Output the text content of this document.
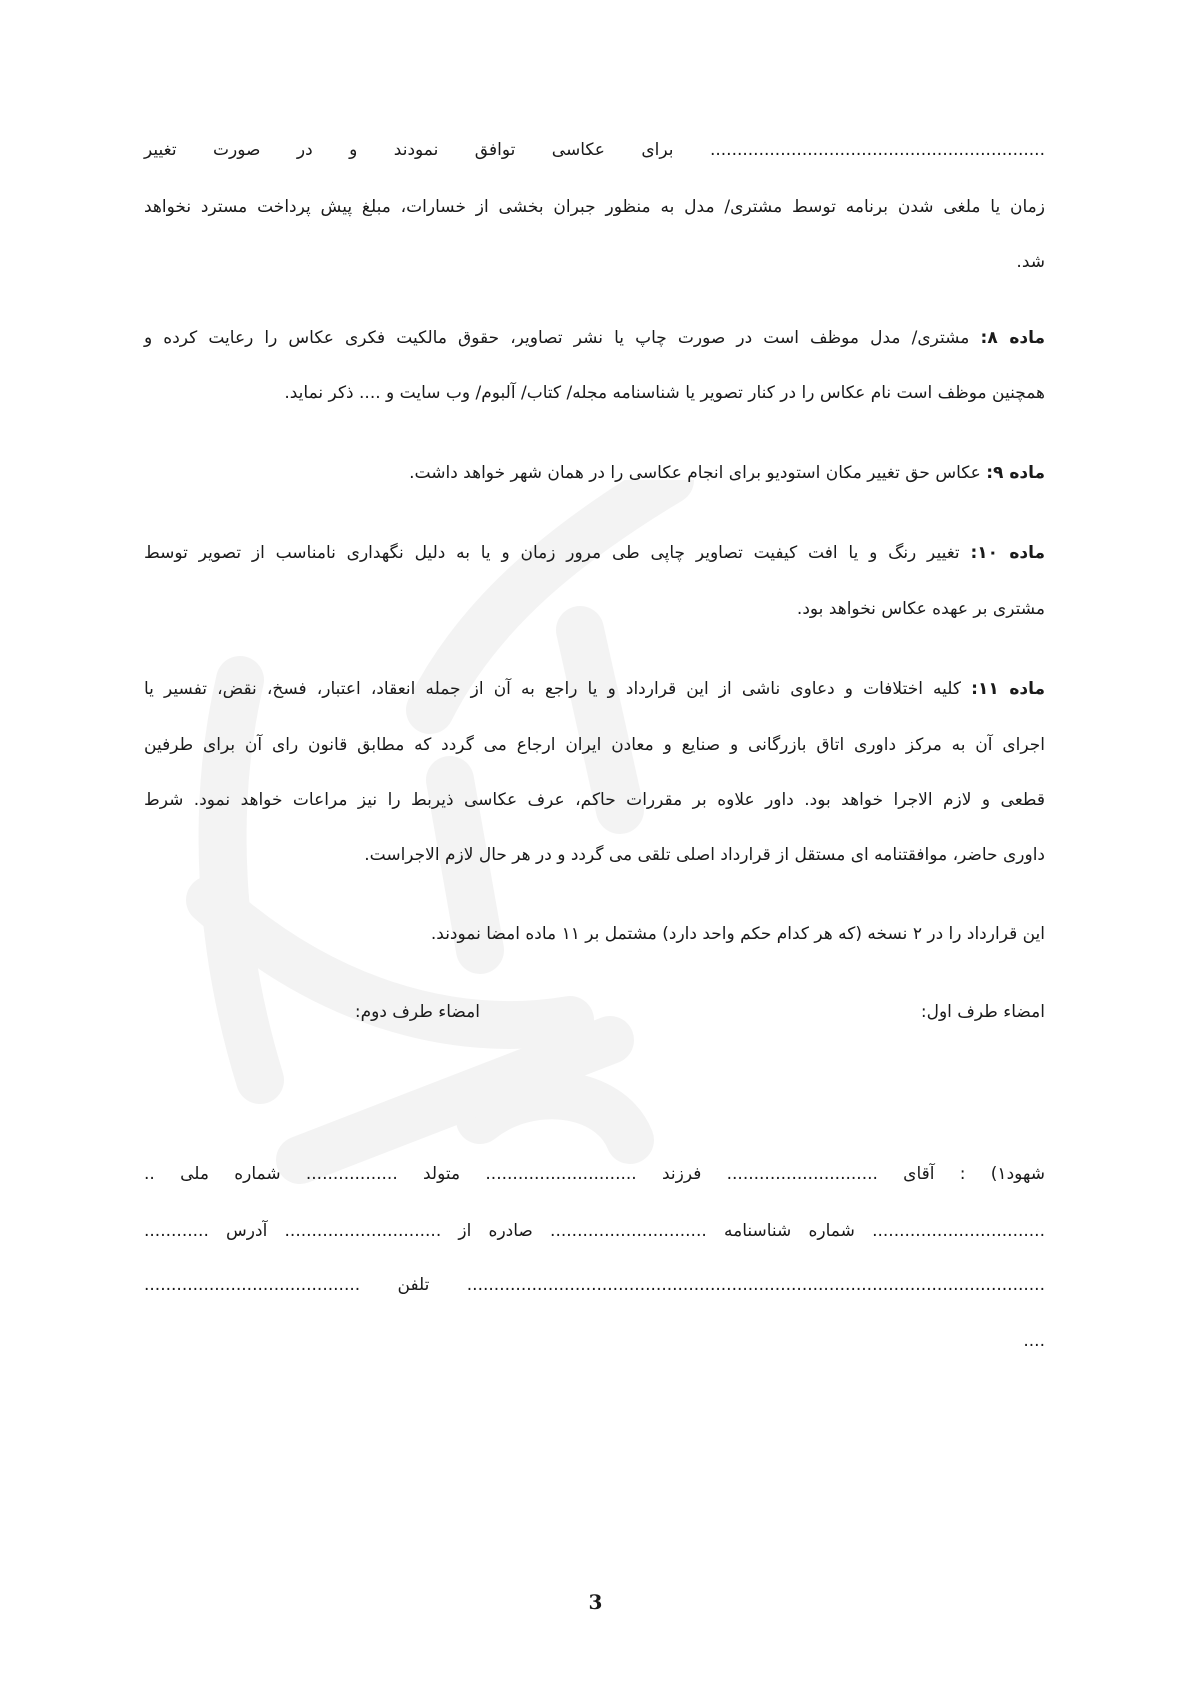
.............................................................. برای عکاسی توافق نمودند و در صورت تغییر
زمان یا ملغی شدن برنامه توسط مشتری/ مدل به منظور جبران بخشی از خسارات، مبلغ پیش پرداخت مسترد نخواهد
شد.
ماده ۸: مشتری/ مدل موظف است در صورت چاپ یا نشر تصاویر، حقوق مالکیت فکری عکاس را رعایت کرده و
همچنین موظف است نام عکاس را در کنار تصویر یا شناسنامه مجله/ کتاب/ آلبوم/ وب سایت و .... ذکر نماید.
ماده ۹: عکاس حق تغییر مکان استودیو برای انجام عکاسی را در همان شهر خواهد داشت.
ماده ۱۰: تغییر رنگ و یا افت کیفیت تصاویر چاپی طی مرور زمان و یا به دلیل نگهداری نامناسب از تصویر توسط
مشتری بر عهده عکاس نخواهد بود.
ماده ۱۱: کلیه اختلافات و دعاوی ناشی از این قرارداد و یا راجع به آن از جمله انعقاد، اعتبار، فسخ، نقض، تفسیر یا
اجرای آن به مرکز داوری اتاق بازرگانی و صنایع و معادن ایران ارجاع می گردد که مطابق قانون رای آن برای طرفین
قطعی و لازم الاجرا خواهد بود. داور علاوه بر مقررات حاکم، عرف عکاسی ذیربط را نیز مراعات خواهد نمود. شرط
داوری حاضر، موافقتنامه ای مستقل از قرارداد اصلی تلقی می گردد و در هر حال لازم الاجراست.
این قرارداد را در ۲ نسخه (که هر کدام حکم واحد دارد) مشتمل بر ۱۱ ماده امضا نمودند.
امضاء طرف اول:
امضاء طرف دوم:
شهود۱) : آقای ............................ فرزند ............................ متولد ................. شماره ملی ..
................................ شماره شناسنامه ............................. صادره از ............................. آدرس ............
........................................................................................................... تلفن ........................................
....
3
